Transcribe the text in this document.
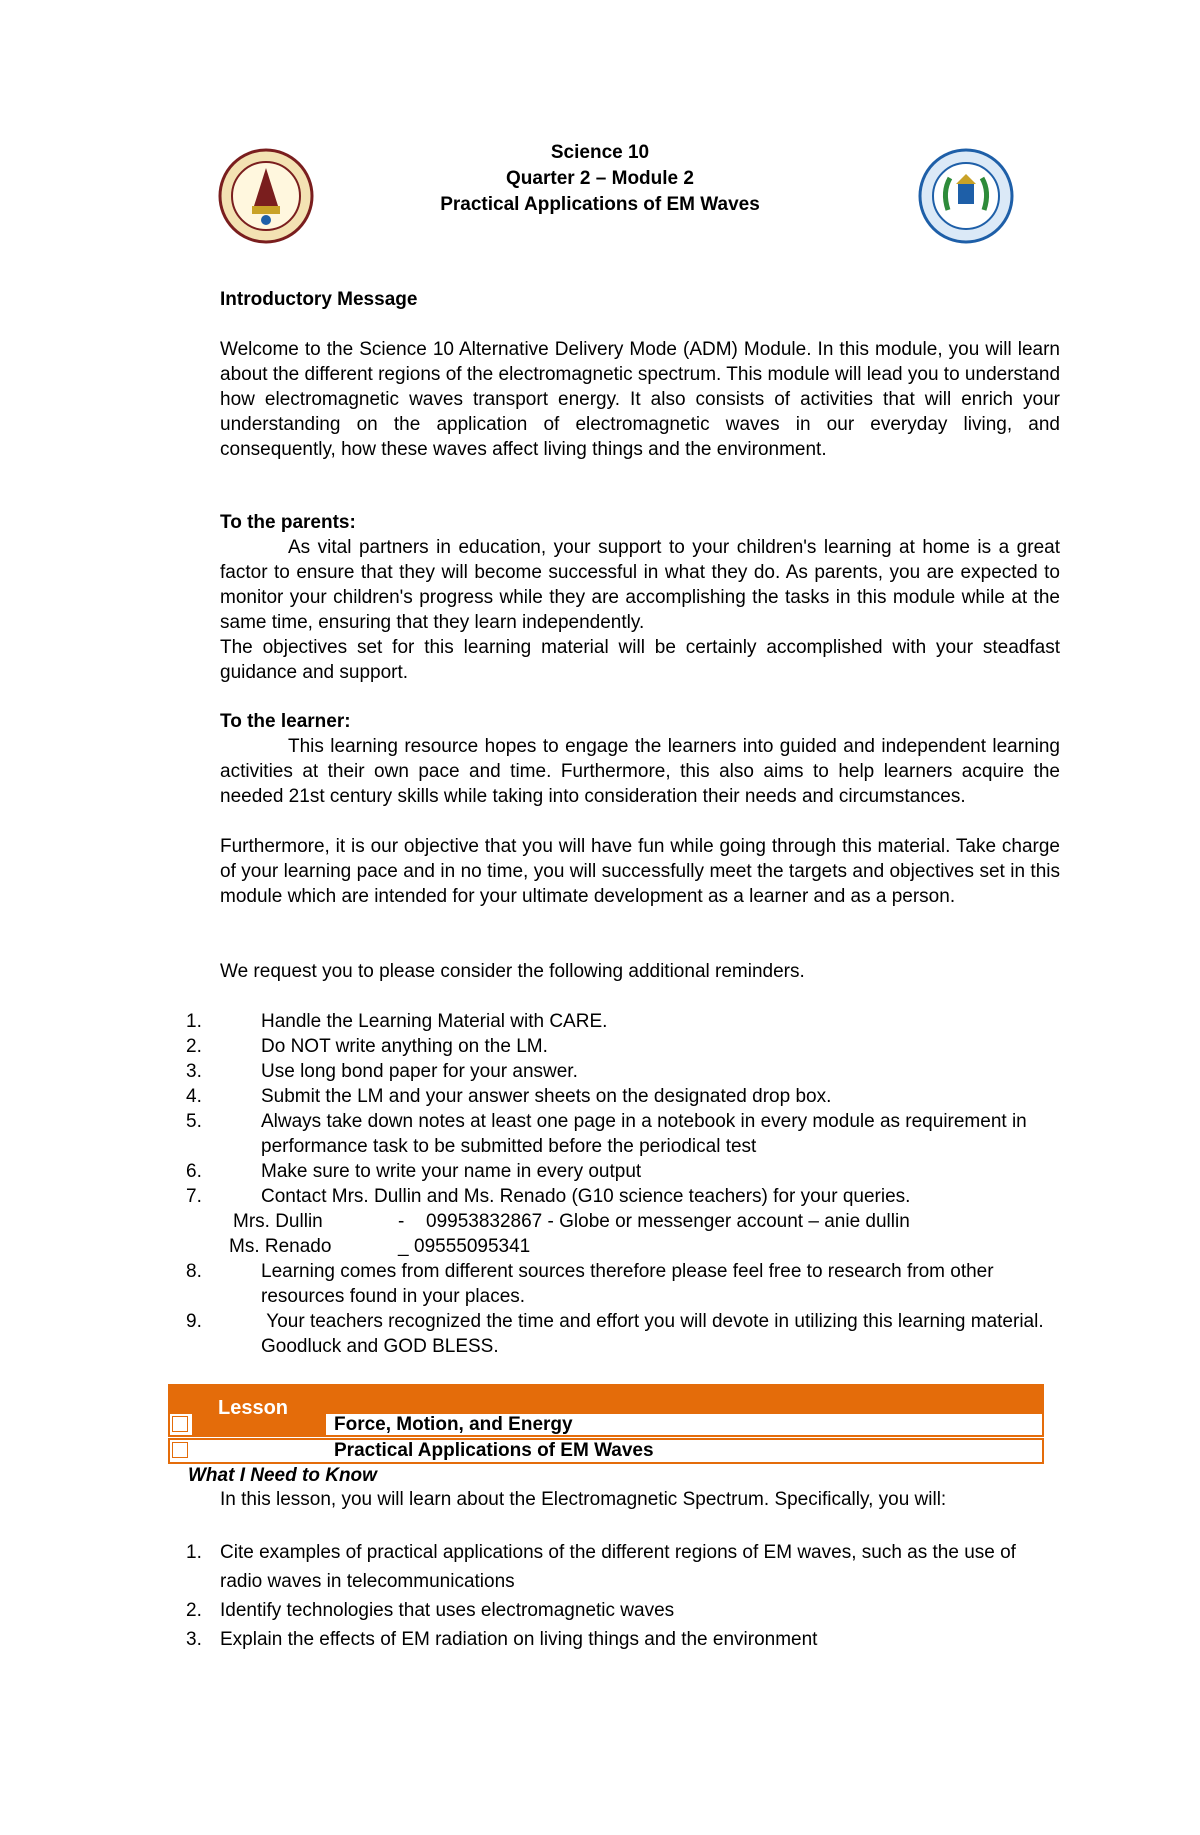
Science 10
Quarter 2 – Module 2
Practical Applications of EM Waves
Introductory Message
Welcome to the Science 10 Alternative Delivery Mode (ADM) Module. In this module, you will learn about the different regions of the electromagnetic spectrum. This module will lead you to understand how electromagnetic waves transport energy. It also consists of activities that will enrich your understanding on the application of electromagnetic waves in our everyday living, and consequently, how these waves affect living things and the environment.
To the parents:
As vital partners in education, your support to your children's learning at home is a great factor to ensure that they will become successful in what they do. As parents, you are expected to monitor your children's progress while they are accomplishing the tasks in this module while at the same time, ensuring that they learn independently.
The objectives set for this learning material will be certainly accomplished with your steadfast guidance and support.
To the learner:
This learning resource hopes to engage the learners into guided and independent learning activities at their own pace and time. Furthermore, this also aims to help learners acquire the needed 21st century skills while taking into consideration their needs and circumstances.
Furthermore, it is our objective that you will have fun while going through this material. Take charge of your learning pace and in no time, you will successfully meet the targets and objectives set in this module which are intended for your ultimate development as a learner and as a person.
We request you to please consider the following additional reminders.
1.	Handle the Learning Material with CARE.
2.	Do NOT write anything on the LM.
3.	Use long bond paper for your answer.
4.	Submit the LM and your answer sheets on the designated drop box.
5.	Always take down notes at least one page in a notebook in every module as requirement in performance task to be submitted before the periodical test
6.	Make sure to write your name in every output
7.	Contact Mrs. Dullin and Ms. Renado (G10 science teachers) for your queries.
Mrs. Dullin	-	09953832867 - Globe or messenger account – anie dullin
Ms. Renado	_ 09555095341
8.	Learning comes from different sources therefore please feel free to research from other resources found in your places.
9.	Your teachers recognized the time and effort you will devote in utilizing this learning material. Goodluck and GOD BLESS.
Lesson
Force, Motion, and Energy
Practical Applications of EM Waves
What I Need to Know
In this lesson, you will learn about the Electromagnetic Spectrum. Specifically, you will:
1. Cite examples of practical applications of the different regions of EM waves, such as the use of radio waves in telecommunications
2. Identify technologies that uses electromagnetic waves
3. Explain the effects of EM radiation on living things and the environment
